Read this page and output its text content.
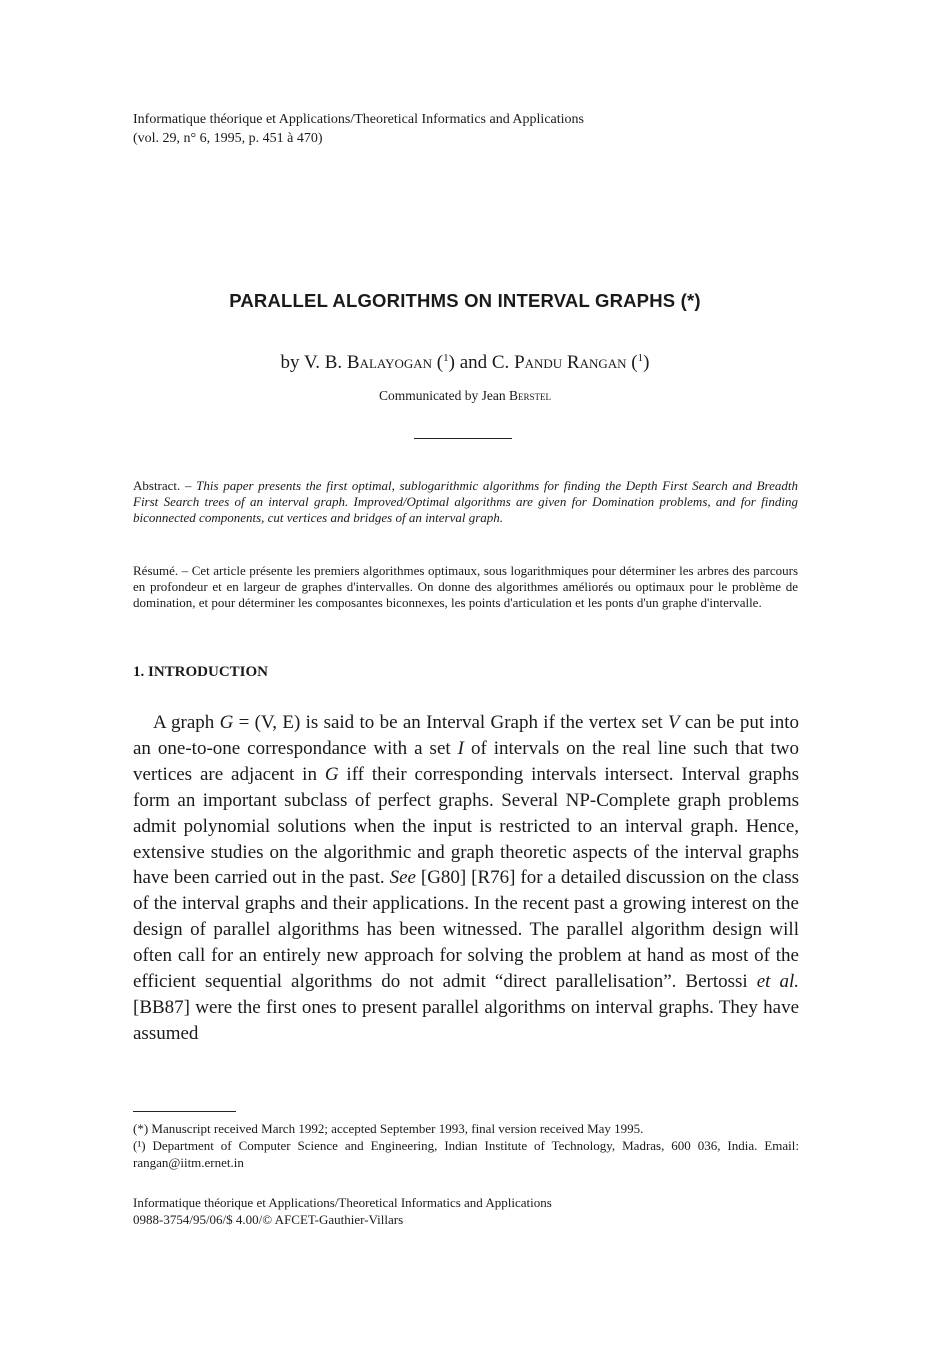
Informatique théorique et Applications/Theoretical Informatics and Applications
(vol. 29, n° 6, 1995, p. 451 à 470)
PARALLEL ALGORITHMS ON INTERVAL GRAPHS (*)
by V. B. Balayogan ($^1$) and C. Pandu Rangan ($^1$)
Communicated by Jean Berstel
Abstract. – This paper presents the first optimal, sublogarithmic algorithms for finding the Depth First Search and Breadth First Search trees of an interval graph. Improved/Optimal algorithms are given for Domination problems, and for finding biconnected components, cut vertices and bridges of an interval graph.
Résumé. – Cet article présente les premiers algorithmes optimaux, sous logarithmiques pour déterminer les arbres des parcours en profondeur et en largeur de graphes d'intervalles. On donne des algorithmes améliorés ou optimaux pour le problème de domination, et pour déterminer les composantes biconnexes, les points d'articulation et les ponts d'un graphe d'intervalle.
1. INTRODUCTION

A graph G = (V, E) is said to be an Interval Graph if the vertex set V can be put into an one-to-one correspondance with a set I of intervals on the real line such that two vertices are adjacent in G iff their corresponding intervals intersect. Interval graphs form an important subclass of perfect graphs. Several NP-Complete graph problems admit polynomial solutions when the input is restricted to an interval graph. Hence, extensive studies on the algorithmic and graph theoretic aspects of the interval graphs have been carried out in the past. See [G80] [R76] for a detailed discussion on the class of the interval graphs and their applications. In the recent past a growing interest on the design of parallel algorithms has been witnessed. The parallel algorithm design will often call for an entirely new approach for solving the problem at hand as most of the efficient sequential algorithms do not admit “direct parallelisation”. Bertossi et al. [BB87] were the first ones to present parallel algorithms on interval graphs. They have assumed

(*) Manuscript received March 1992; accepted September 1993, final version received May 1995.
(¹) Department of Computer Science and Engineering, Indian Institute of Technology, Madras, 600 036, India. Email: rangan@iitm.ernet.in
Informatique théorique et Applications/Theoretical Informatics and Applications
0988-3754/95/06/$ 4.00/© AFCET-Gauthier-Villars
